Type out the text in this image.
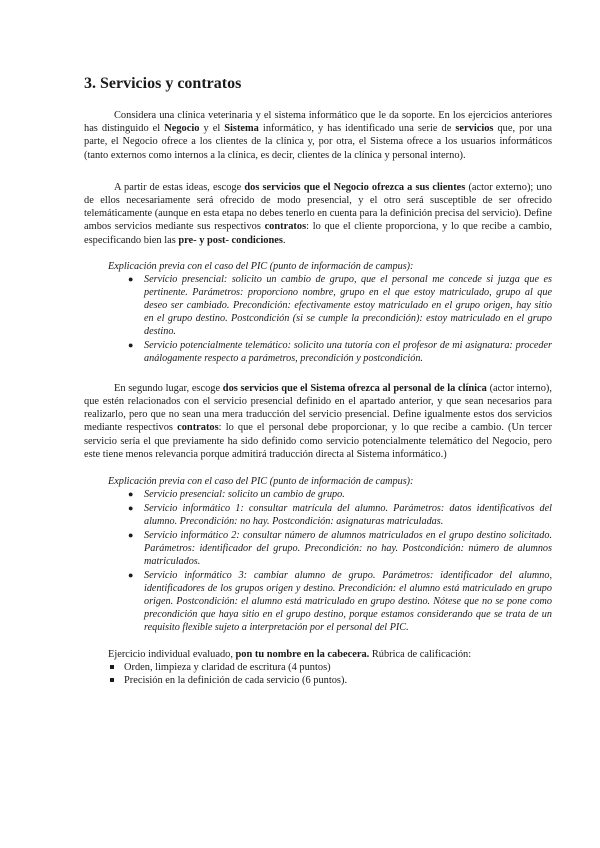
3. Servicios y contratos

Considera una clínica veterinaria y el sistema informático que le da soporte. En los ejercicios anteriores has distinguido el Negocio y el Sistema informático, y has identificado una serie de servicios que, por una parte, el Negocio ofrece a los clientes de la clínica y, por otra, el Sistema ofrece a los usuarios informáticos (tanto externos como internos a la clínica, es decir, clientes de la clínica y personal interno).

A partir de estas ideas, escoge dos servicios que el Negocio ofrezca a sus clientes (actor externo); uno de ellos necesariamente será ofrecido de modo presencial, y el otro será susceptible de ser ofrecido telemáticamente (aunque en esta etapa no debes tenerlo en cuenta para la definición precisa del servicio). Define ambos servicios mediante sus respectivos contratos: lo que el cliente proporciona, y lo que recibe a cambio, especificando bien las pre- y post- condiciones.

Explicación previa con el caso del PIC (punto de información de campus):

● Servicio presencial: solicito un cambio de grupo, que el personal me concede si juzga que es pertinente. Parámetros: proporciono nombre, grupo en el que estoy matriculado, grupo al que deseo ser cambiado. Precondición: efectivamente estoy matriculado en el grupo origen, hay sitio en el grupo destino. Postcondición (si se cumple la precondición): estoy matriculado en el grupo destino.
● Servicio potencialmente telemático: solicito una tutoría con el profesor de mi asignatura: proceder análogamente respecto a parámetros, precondición y postcondición.

En segundo lugar, escoge dos servicios que el Sistema ofrezca al personal de la clínica (actor interno), que estén relacionados con el servicio presencial definido en el apartado anterior, y que sean necesarios para realizarlo, pero que no sean una mera traducción del servicio presencial. Define igualmente estos dos servicios mediante respectivos contratos: lo que el personal debe proporcionar, y lo que recibe a cambio. (Un tercer servicio sería el que previamente ha sido definido como servicio potencialmente telemático del Negocio, pero este tiene menos relevancia porque admitirá traducción directa al Sistema informático.)

Explicación previa con el caso del PIC (punto de información de campus):

● Servicio presencial: solicito un cambio de grupo.
● Servicio informático 1: consultar matrícula del alumno. Parámetros: datos identificativos del alumno. Precondición: no hay. Postcondición: asignaturas matriculadas.
● Servicio informático 2: consultar número de alumnos matriculados en el grupo destino solicitado. Parámetros: identificador del grupo. Precondición: no hay. Postcondición: número de alumnos matriculados.
● Servicio informático 3: cambiar alumno de grupo. Parámetros: identificador del alumno, identificadores de los grupos origen y destino. Precondición: el alumno está matriculado en grupo origen. Postcondición: el alumno está matriculado en grupo destino. Nótese que no se pone como precondición que haya sitio en el grupo destino, porque estamos considerando que se trata de un requisito flexible sujeto a interpretación por el personal del PIC.

Ejercicio individual evaluado, pon tu nombre en la cabecera. Rúbrica de calificación:

Orden, limpieza y claridad de escritura (4 puntos)
Precisión en la definición de cada servicio (6 puntos).
